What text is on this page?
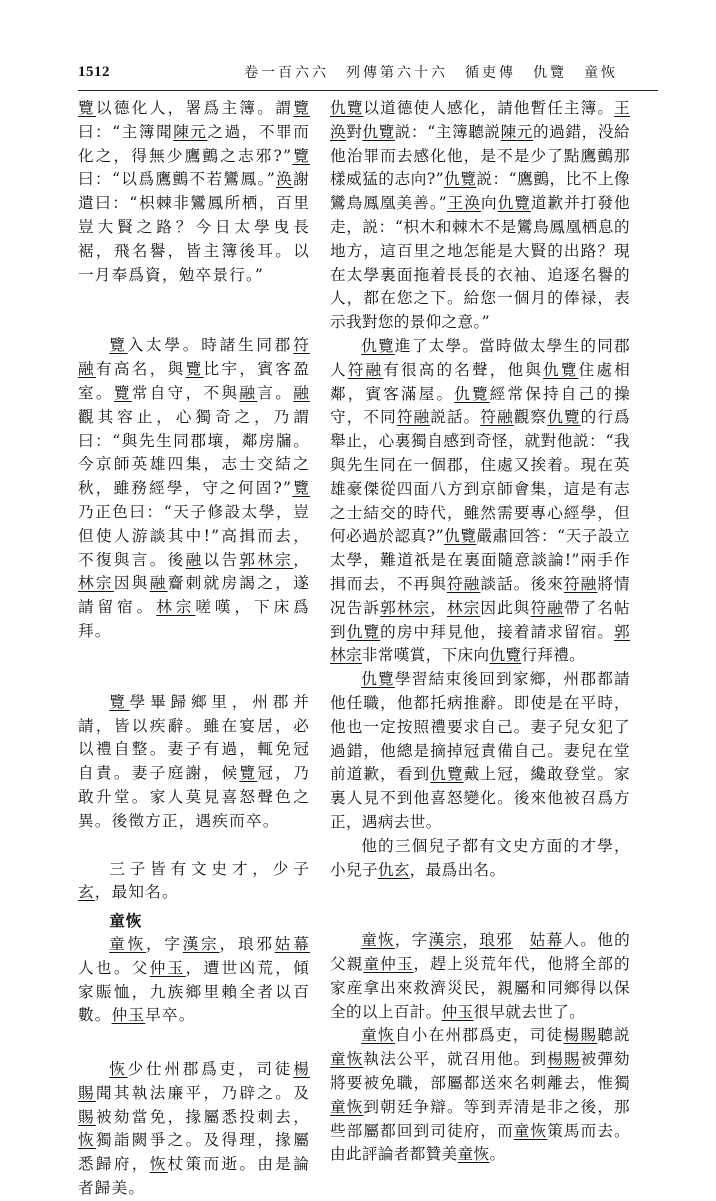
1512	卷一百六六　列傳第六十六　循吏傳　仇覽　童恢

覽以德化人，署爲主簿。謂覽曰：“主簿聞陳元之過，不罪而化之，得無少鷹鸇之志邪?”覽曰：“以爲鷹鸇不若鸞鳳。”涣謝遣曰：“枳棘非鸞鳳所栖，百里豈大賢之路？今日太學曳長裾，飛名譽，皆主簿後耳。以一月奉爲資，勉卒景行。”

覽入太學。時諸生同郡符融有高名，與覽比宇，賓客盈室。覽常自守，不與融言。融觀其容止，心獨奇之，乃謂曰：“與先生同郡壤，鄰房牖。今京師英雄四集，志士交結之秋，雖務經學，守之何固?”覽乃正色曰：“天子修設太學，豈但使人游談其中!”高揖而去，不復與言。後融以告郭林宗，林宗因與融齎刺就房謁之，遂請留宿。林宗嗟嘆，下床爲拜。

覽學畢歸鄉里，州郡并請，皆以疾辭。雖在宴居，必以禮自整。妻子有過，輒免冠自責。妻子庭謝，候覽冠，乃敢升堂。家人莫見喜怒聲色之異。後徵方正，遇疾而卒。

三子皆有文史才，少子玄，最知名。

童恢

童恢，字漢宗，琅邪姑幕人也。父仲玉，遭世凶荒，傾家賑恤，九族鄉里賴全者以百數。仲玉早卒。

恢少仕州郡爲吏，司徒楊賜聞其執法廉平，乃辟之。及賜被劾當免，掾屬悉投刺去，恢獨詣闕爭之。及得理，掾屬悉歸府，恢杖策而逝。由是論者歸美。

仇覽以道德使人感化，請他暫任主簿。王涣對仇覽説：“主簿聽説陳元的過錯，没給他治罪而去感化他，是不是少了點鷹鸇那樣威猛的志向?”仇覽説：“鷹鸇，比不上像鸞鳥鳳凰美善。”王涣向仇覽道歉并打發他走，説：“枳木和棘木不是鸞鳥鳳凰栖息的地方，這百里之地怎能是大賢的出路？現在太學裏面拖着長長的衣袖、追逐名譽的人，都在您之下。給您一個月的俸禄，表示我對您的景仰之意。”

仇覽進了太學。當時做太學生的同郡人符融有很高的名聲，他與仇覽住處相鄰，賓客滿屋。仇覽經常保持自己的操守，不同符融説話。符融觀察仇覽的行爲舉止，心裏獨自感到奇怪，就對他説：“我與先生同在一個郡，住處又挨着。現在英雄豪傑從四面八方到京師會集，這是有志之士結交的時代，雖然需要專心經學，但何必過於認真?”仇覽嚴肅回答：“天子設立太學，難道祇是在裏面隨意談論!”兩手作揖而去，不再與符融談話。後來符融將情况告訴郭林宗，林宗因此與符融帶了名帖到仇覽的房中拜見他，接着請求留宿。郭林宗非常嘆賞，下床向仇覽行拜禮。

仇覽學習結束後回到家鄉，州郡都請他任職，他都托病推辭。即使是在平時，他也一定按照禮要求自己。妻子兒女犯了過錯，他總是摘掉冠責備自己。妻兒在堂前道歉，看到仇覽戴上冠，纔敢登堂。家裏人見不到他喜怒變化。後來他被召爲方正，遇病去世。

他的三個兒子都有文史方面的才學，小兒子仇玄，最爲出名。

童恢，字漢宗，琅邪　 姑幕人。他的父親童仲玉，趕上災荒年代，他將全部的家産拿出來救濟災民，親屬和同鄉得以保全的以上百計。仲玉很早就去世了。

童恢自小在州郡爲吏，司徒楊賜聽説童恢執法公平，就召用他。到楊賜被彈劾將要被免職，部屬都送來名刺離去，惟獨童恢到朝廷争辯。等到弄清是非之後，那些部屬都回到司徒府，而童恢策馬而去。由此評論者都贊美童恢。
